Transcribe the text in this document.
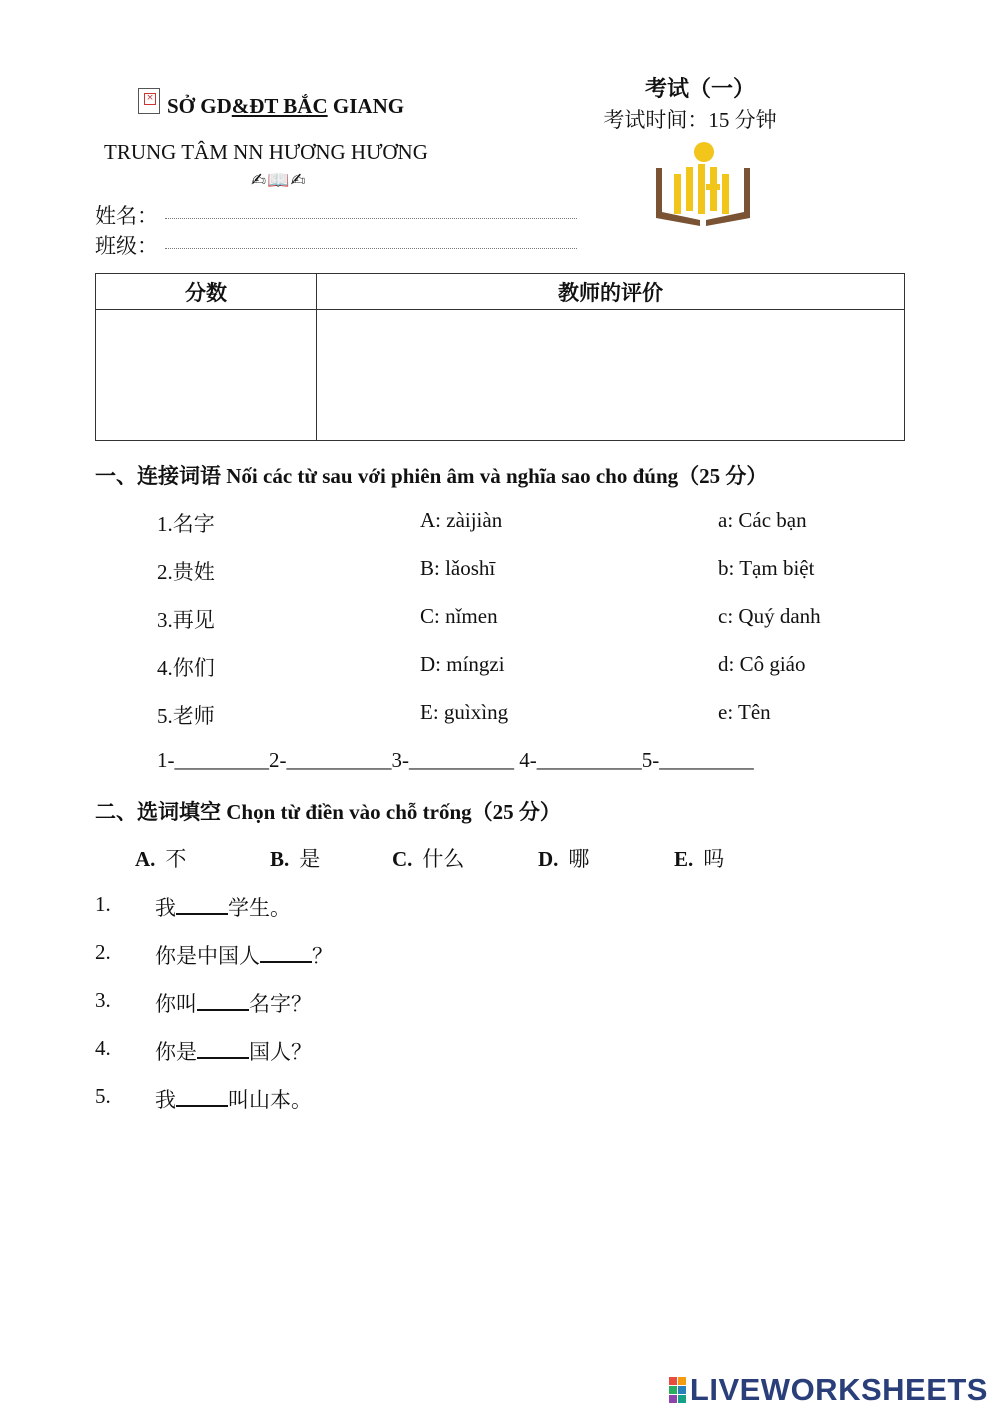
× SỞ GD&ĐT BẮC GIANG
TRUNG TÂM NN HƯƠNG HƯƠNG
✍📖✍
姓名：
班级：
考试（一）
考试时间：15 分钟
分数	教师的评价

一、连接词语 Nối các từ sau với phiên âm và nghĩa sao cho đúng（25 分）
1.名字	A: zàijiàn	a: Các bạn
2.贵姓	B: lǎoshī	b: Tạm biệt
3.再见	C: nǐmen	c: Quý danh
4.你们	D: míngzi	d: Cô giáo
5.老师	E: guìxìng	e: Tên
1-_________2-__________3-__________ 4-__________5-_________
二、选词填空 Chọn từ điền vào chỗ trống（25 分）
A. 不	B. 是	C. 什么	D. 哪	E. 吗
1. 我 学生。
2. 你是中国人 ？
3. 你叫 名字？
4. 你是 国人？
5. 我 叫山本。
LIVEWORKSHEETS
